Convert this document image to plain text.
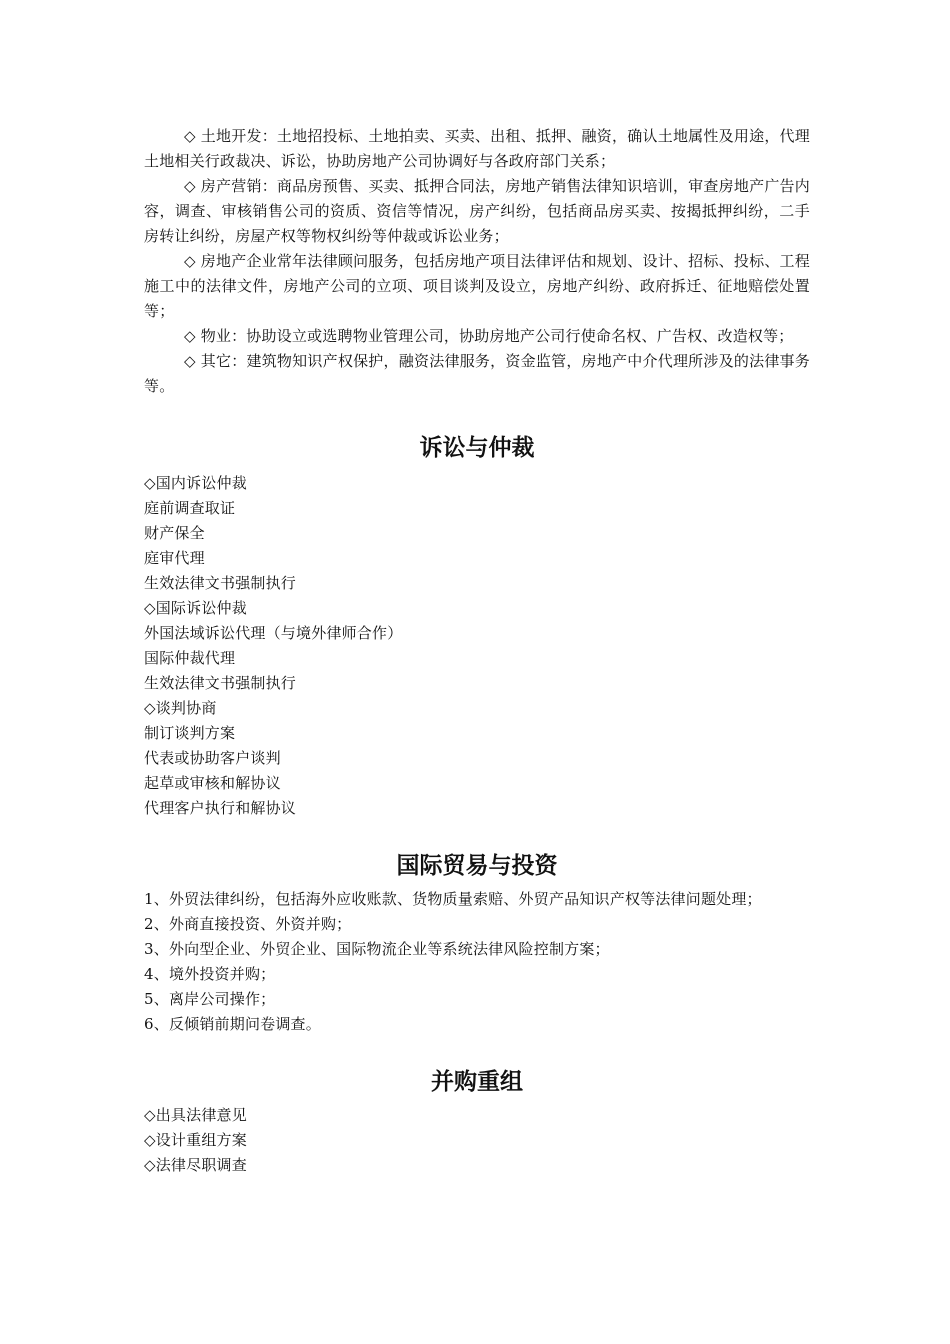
◇ 土地开发：土地招投标、土地拍卖、买卖、出租、抵押、融资，确认土地属性及用途，代理土地相关行政裁决、诉讼，协助房地产公司协调好与各政府部门关系；

◇ 房产营销：商品房预售、买卖、抵押合同法，房地产销售法律知识培训，审查房地产广告内容，调查、审核销售公司的资质、资信等情况，房产纠纷，包括商品房买卖、按揭抵押纠纷，二手房转让纠纷，房屋产权等物权纠纷等仲裁或诉讼业务；

◇ 房地产企业常年法律顾问服务，包括房地产项目法律评估和规划、设计、招标、投标、工程施工中的法律文件，房地产公司的立项、项目谈判及设立，房地产纠纷、政府拆迁、征地赔偿处置等；

◇ 物业：协助设立或选聘物业管理公司，协助房地产公司行使命名权、广告权、改造权等；

◇ 其它：建筑物知识产权保护，融资法律服务，资金监管，房地产中介代理所涉及的法律事务等。

诉讼与仲裁

◇国内诉讼仲裁

庭前调查取证

财产保全

庭审代理

生效法律文书强制执行

◇国际诉讼仲裁

外国法域诉讼代理（与境外律师合作）

国际仲裁代理

生效法律文书强制执行

◇谈判协商

制订谈判方案

代表或协助客户谈判

起草或审核和解协议

代理客户执行和解协议

国际贸易与投资

1、外贸法律纠纷，包括海外应收账款、货物质量索赔、外贸产品知识产权等法律问题处理；

2、外商直接投资、外资并购；

3、外向型企业、外贸企业、国际物流企业等系统法律风险控制方案；

4、境外投资并购；

5、离岸公司操作；

6、反倾销前期问卷调查。

并购重组

◇出具法律意见

◇设计重组方案

◇法律尽职调查
